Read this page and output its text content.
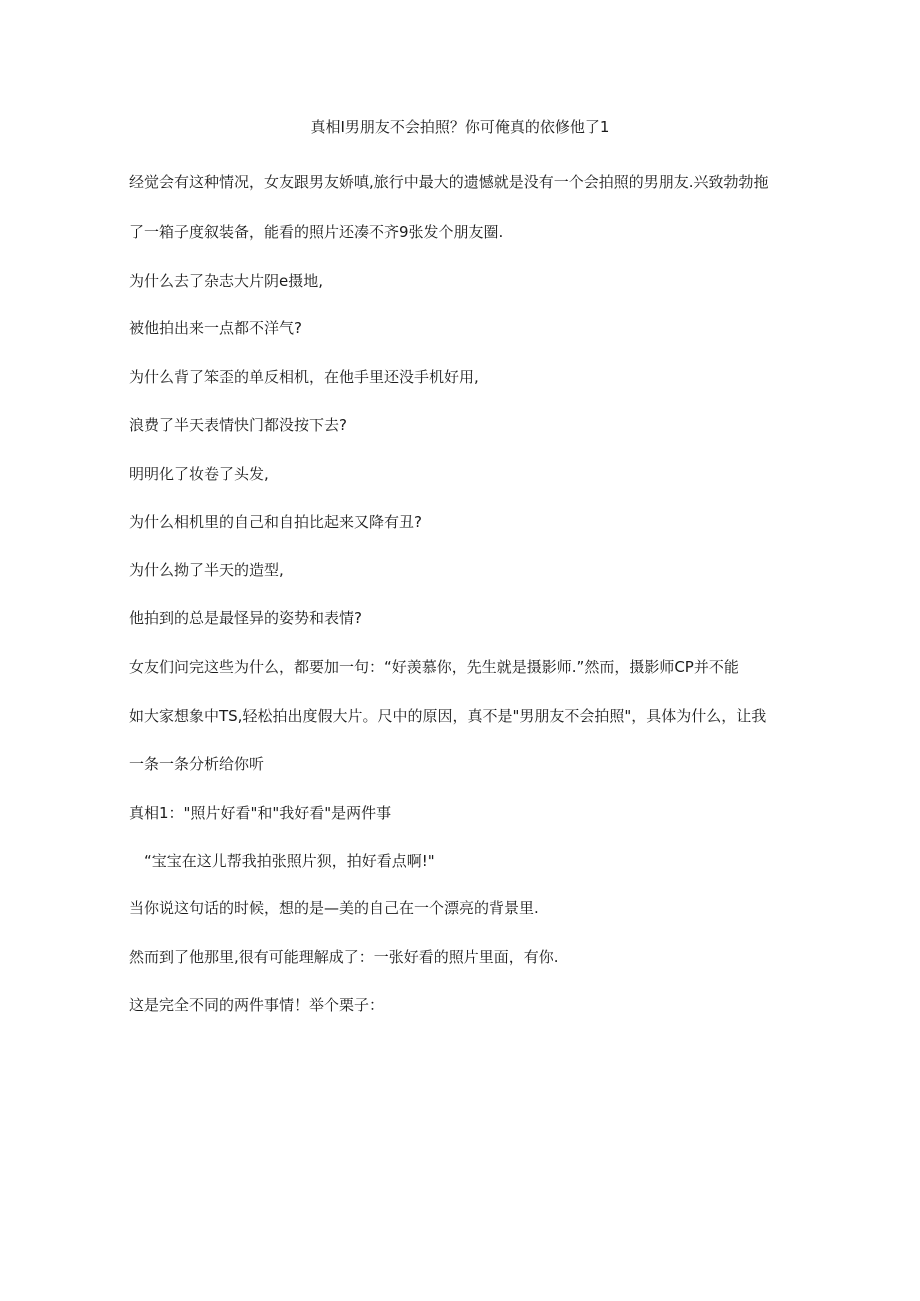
真相I男朋友不会拍照？你可俺真的依修他了1
经觉会有这种情况，女友跟男友娇嗔,旅行中最大的遗憾就是没有一个会拍照的男朋友.兴致勃勃拖
了一箱子度叙装备，能看的照片还凑不齐9张发个朋友圈.
为什么去了杂志大片阴e摄地,
被他拍出来一点都不洋气?
为什么背了笨歪的单反相机，在他手里还没手机好用,
浪费了半天表情快门都没按下去?
明明化了妆卷了头发,
为什么相机里的自己和自拍比起来又降有丑?
为什么拗了半天的造型,
他拍到的总是最怪异的姿势和表情?
女友们问完这些为什么，都要加一句：“好羡慕你，先生就是摄影师.”然而，摄影师CP并不能
如大家想象中TS,轻松拍出度假大片。尺中的原因，真不是"男朋友不会拍照"，具体为什么，让我
一条一条分析给你听
真相1："照片好看"和"我好看"是两件事
“宝宝在这儿帮我拍张照片狈，拍好看点啊!"
当你说这句话的时候，想的是—美的自己在一个漂亮的背景里.
然而到了他那里,很有可能理解成了：一张好看的照片里面，有你.
这是完全不同的两件事情！举个栗子：
